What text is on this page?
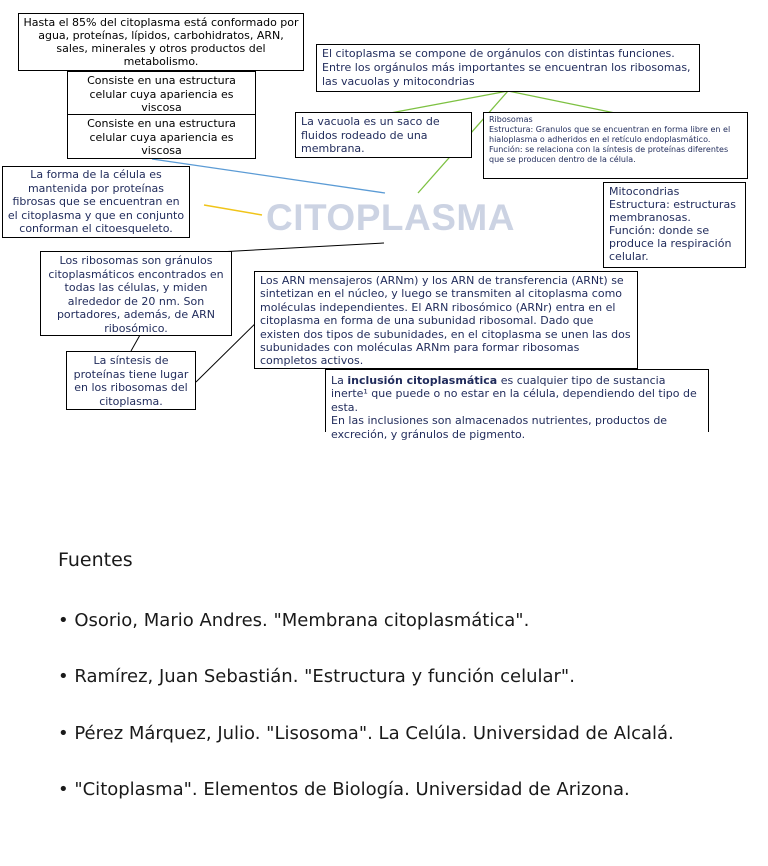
Hasta el 85% del citoplasma está conformado por agua, proteínas, lípidos, carbohidratos, ARN, sales, minerales y otros productos del metabolismo.
Consiste en una estructura celular cuya apariencia es viscosa
Consiste en una estructura celular cuya apariencia es viscosa
El citoplasma se compone de orgánulos con distintas funciones. Entre los orgánulos más importantes se encuentran los ribosomas, las vacuolas y mitocondrias
La vacuola es un saco de fluidos rodeado de una membrana.
Ribosomas
Estructura: Granulos que se encuentran en forma libre en el hialoplasma o adheridos en el retículo endoplasmático.
Función: se relaciona con la síntesis de proteínas diferentes que se producen dentro de la célula.
Mitocondrias
Estructura: estructuras membranosas.
Función: donde se produce la respiración celular.
La forma de la célula es mantenida por proteínas fibrosas que se encuentran en el citoplasma y que en conjunto conforman el citoesqueleto.	CITOPLASMA
Los ribosomas son gránulos citoplasmáticos encontrados en todas las células, y miden alrededor de 20 nm. Son portadores, además, de ARN ribosómico.
La síntesis de proteínas tiene lugar en los ribosomas del citoplasma.
Los ARN mensajeros (ARNm) y los ARN de transferencia (ARNt) se sintetizan en el núcleo, y luego se transmiten al citoplasma como moléculas independientes. El ARN ribosómico (ARNr) entra en el citoplasma en forma de una subunidad ribosomal. Dado que existen dos tipos de subunidades, en el citoplasma se unen las dos subunidades con moléculas ARNm para formar ribosomas completos activos.
La inclusión citoplasmática es cualquier tipo de sustancia inerte¹ que puede o no estar en la célula, dependiendo del tipo de esta.
En las inclusiones son almacenados nutrientes, productos de excreción, y gránulos de pigmento.
Fuentes
• Osorio, Mario Andres. "Membrana citoplasmática".
• Ramírez, Juan Sebastián. "Estructura y función celular".
• Pérez Márquez, Julio. "Lisosoma". La Celúla. Universidad de Alcalá.
• "Citoplasma". Elementos de Biología. Universidad de Arizona.
